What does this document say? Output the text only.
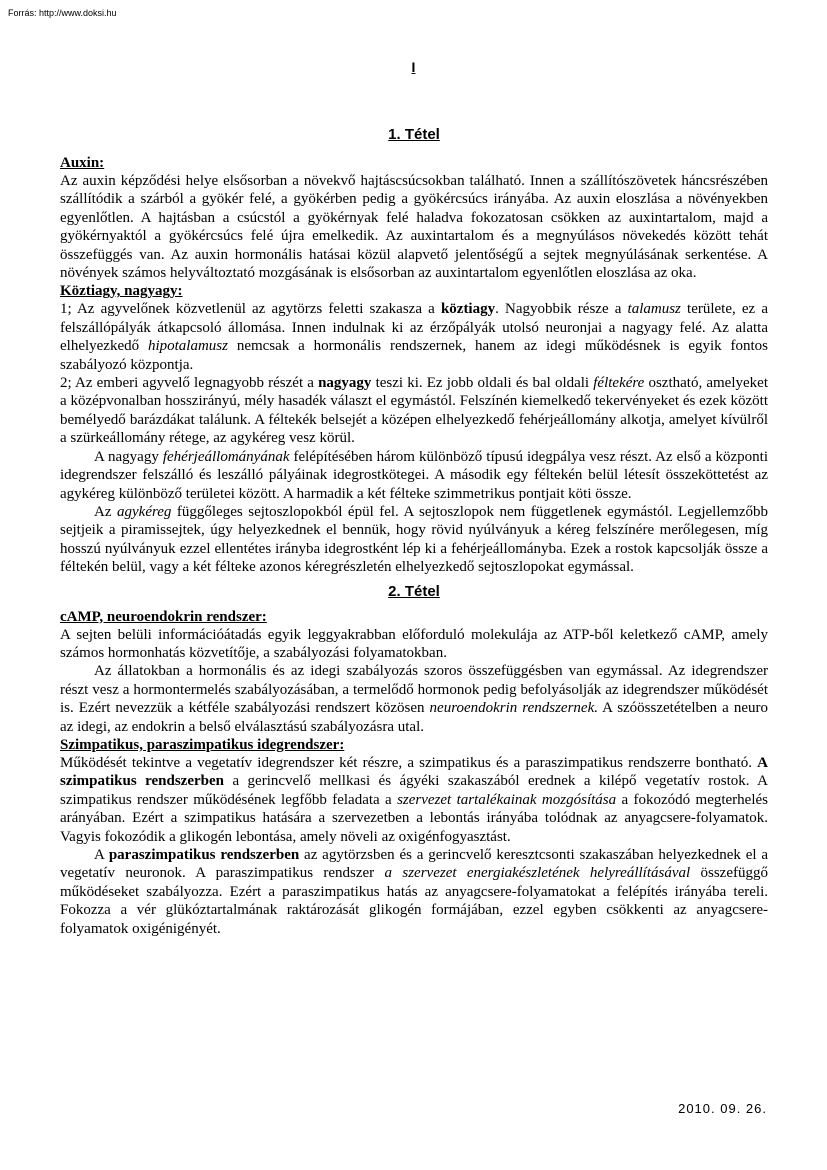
Forrás: http://www.doksi.hu
I
1. Tétel
Auxin:

Az auxin képződési helye elsősorban a növekvő hajtáscsúcsokban található. Innen a szállítószövetek háncsrészében szállítódik a szárból a gyökér felé, a gyökérben pedig a gyökércsúcs irányába. Az auxin eloszlása a növényekben egyenlőtlen. A hajtásban a csúcstól a gyökérnyak felé haladva fokozatosan csökken az auxintartalom, majd a gyökérnyaktól a gyökércsúcs felé újra emelkedik. Az auxintartalom és a megnyúlásos növekedés között tehát összefüggés van. Az auxin hormonális hatásai közül alapvető jelentőségű a sejtek megnyúlásának serkentése. A növények számos helyváltoztató mozgásának is elsősorban az auxintartalom egyenlőtlen eloszlása az oka.

Köztiagy, nagyagy:

1; Az agyvelőnek közvetlenül az agytörzs feletti szakasza a köztiagy. Nagyobbik része a talamusz területe, ez a felszállópályák átkapcsoló állomása. Innen indulnak ki az érzőpályák utolsó neuronjai a nagyagy felé. Az alatta elhelyezkedő hipotalamusz nemcsak a hormonális rendszernek, hanem az idegi működésnek is egyik fontos szabályozó központja.

2; Az emberi agyvelő legnagyobb részét a nagyagy teszi ki. Ez jobb oldali és bal oldali féltekére osztható, amelyeket a középvonalban hosszirányú, mély hasadék választ el egymástól. Felszínén kiemelkedő tekervényeket és ezek között bemélyedő barázdákat találunk. A féltekék belsejét a középen elhelyezkedő fehérjeállomány alkotja, amelyet kívülről a szürkeállomány rétege, az agykéreg vesz körül.

A nagyagy fehérjeállományának felépítésében három különböző típusú idegpálya vesz részt. Az első a központi idegrendszer felszálló és leszálló pályáinak idegrostkötegei. A második egy féltekén belül létesít összeköttetést az agykéreg különböző területei között. A harmadik a két félteke szimmetrikus pontjait köti össze.

Az agykéreg függőleges sejtoszlopokból épül fel. A sejtoszlopok nem függetlenek egymástól. Legjellemzőbb sejtjeik a piramissejtek, úgy helyezkednek el bennük, hogy rövid nyúlványuk a kéreg felszínére merőlegesen, míg hosszú nyúlványuk ezzel ellentétes irányba idegrostként lép ki a fehérjeállományba. Ezek a rostok kapcsolják össze a féltekén belül, vagy a két félteke azonos kéregrészletén elhelyezkedő sejtoszlopokat egymással.

2. Tétel
cAMP, neuroendokrin rendszer:

A sejten belüli információátadás egyik leggyakrabban előforduló molekulája az ATP-ből keletkező cAMP, amely számos hormonhatás közvetítője, a szabályozási folyamatokban.

Az állatokban a hormonális és az idegi szabályozás szoros összefüggésben van egymással. Az idegrendszer részt vesz a hormontermelés szabályozásában, a termelődő hormonok pedig befolyásolják az idegrendszer működését is. Ezért nevezzük a kétféle szabályozási rendszert közösen neuroendokrin rendszernek. A szóösszetételben a neuro az idegi, az endokrin a belső elválasztású szabályozásra utal.

Szimpatikus, paraszimpatikus idegrendszer:

Működését tekintve a vegetatív idegrendszer két részre, a szimpatikus és a paraszimpatikus rendszerre bontható. A szimpatikus rendszerben a gerincvelő mellkasi és ágyéki szakaszából erednek a kilépő vegetatív rostok. A szimpatikus rendszer működésének legfőbb feladata a szervezet tartalékainak mozgósítása a fokozódó megterhelés arányában. Ezért a szimpatikus hatására a szervezetben a lebontás irányába tolódnak az anyagcsere-folyamatok. Vagyis fokozódik a glikogén lebontása, amely növeli az oxigénfogyasztást.

A paraszimpatikus rendszerben az agytörzsben és a gerincvelő keresztcsonti szakaszában helyezkednek el a vegetatív neuronok. A paraszimpatikus rendszer a szervezet energiakészletének helyreállításával összefüggő működéseket szabályozza. Ezért a paraszimpatikus hatás az anyagcsere-folyamatokat a felépítés irányába tereli. Fokozza a vér glükóztartalmának raktározását glikogén formájában, ezzel egyben csökkenti az anyagcsere-folyamatok oxigénigényét.

2010. 09. 26.
